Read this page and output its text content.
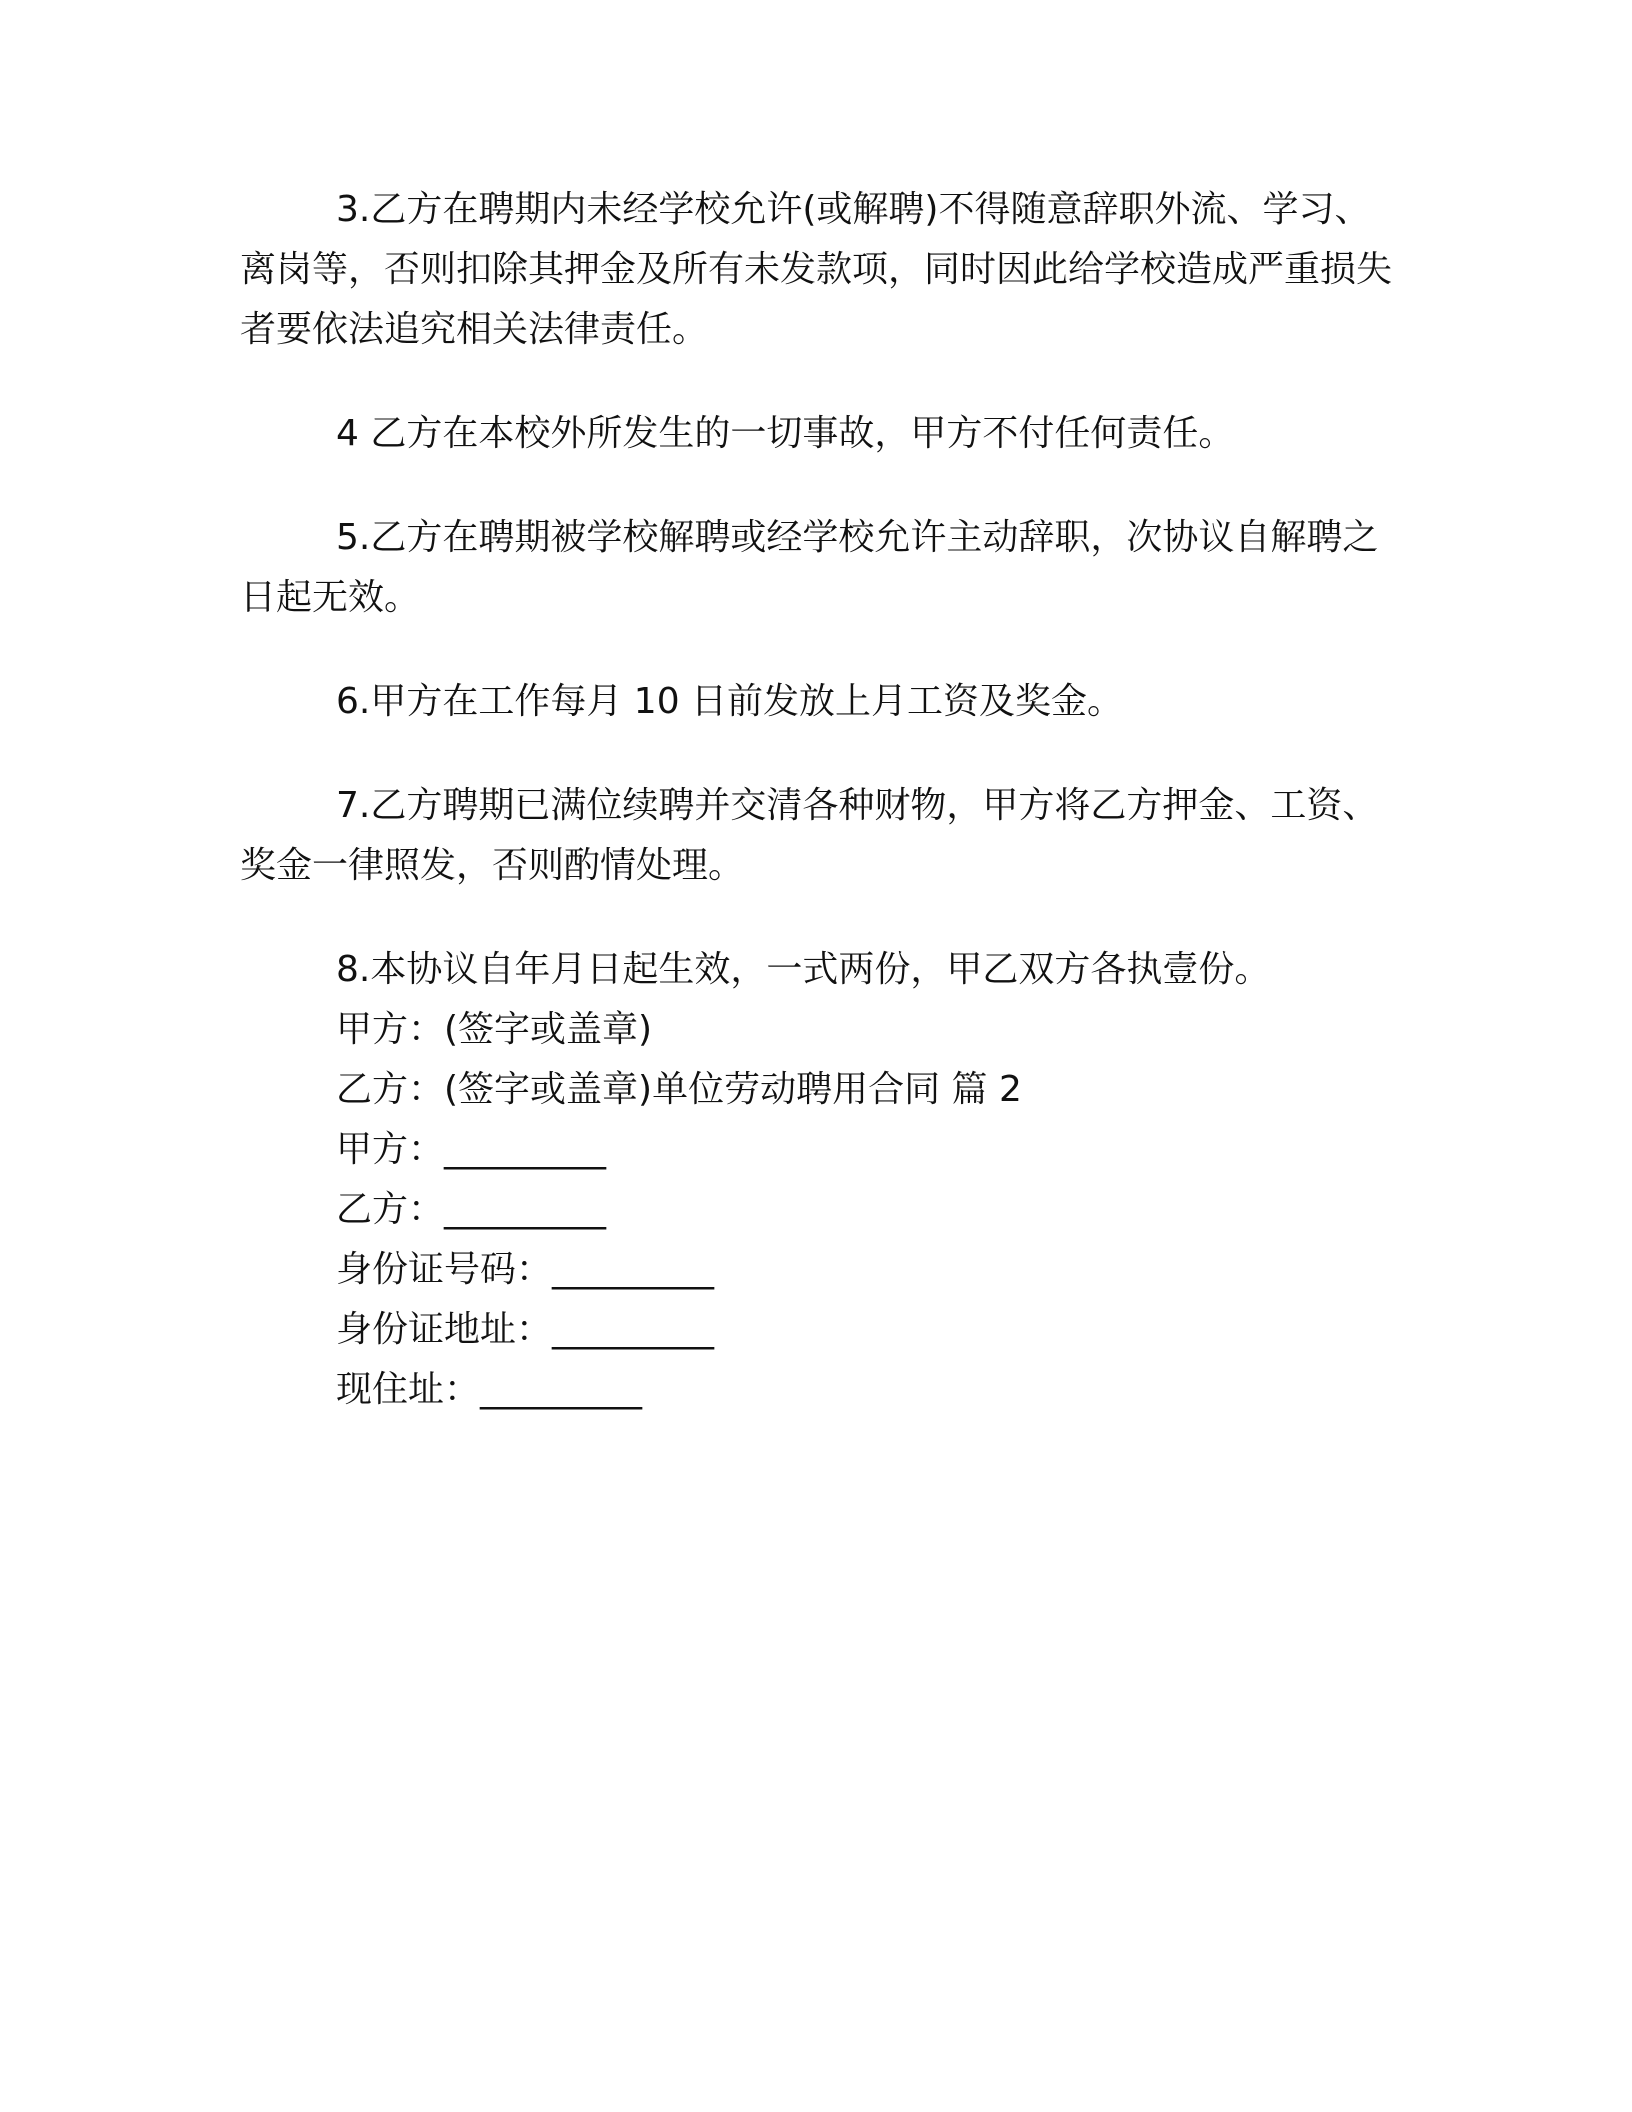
3.乙方在聘期内未经学校允许(或解聘)不得随意辞职外流、学习、离岗等，否则扣除其押金及所有未发款项，同时因此给学校造成严重损失者要依法追究相关法律责任。

4 乙方在本校外所发生的一切事故，甲方不付任何责任。

5.乙方在聘期被学校解聘或经学校允许主动辞职，次协议自解聘之日起无效。

6.甲方在工作每月 10 日前发放上月工资及奖金。

7.乙方聘期已满位续聘并交清各种财物，甲方将乙方押金、工资、奖金一律照发，否则酌情处理。

8.本协议自年月日起生效，一式两份，甲乙双方各执壹份。

甲方：(签字或盖章)

乙方：(签字或盖章)单位劳动聘用合同 篇 2

甲方：_________

乙方：_________

身份证号码：_________

身份证地址：_________

现住址：_________
